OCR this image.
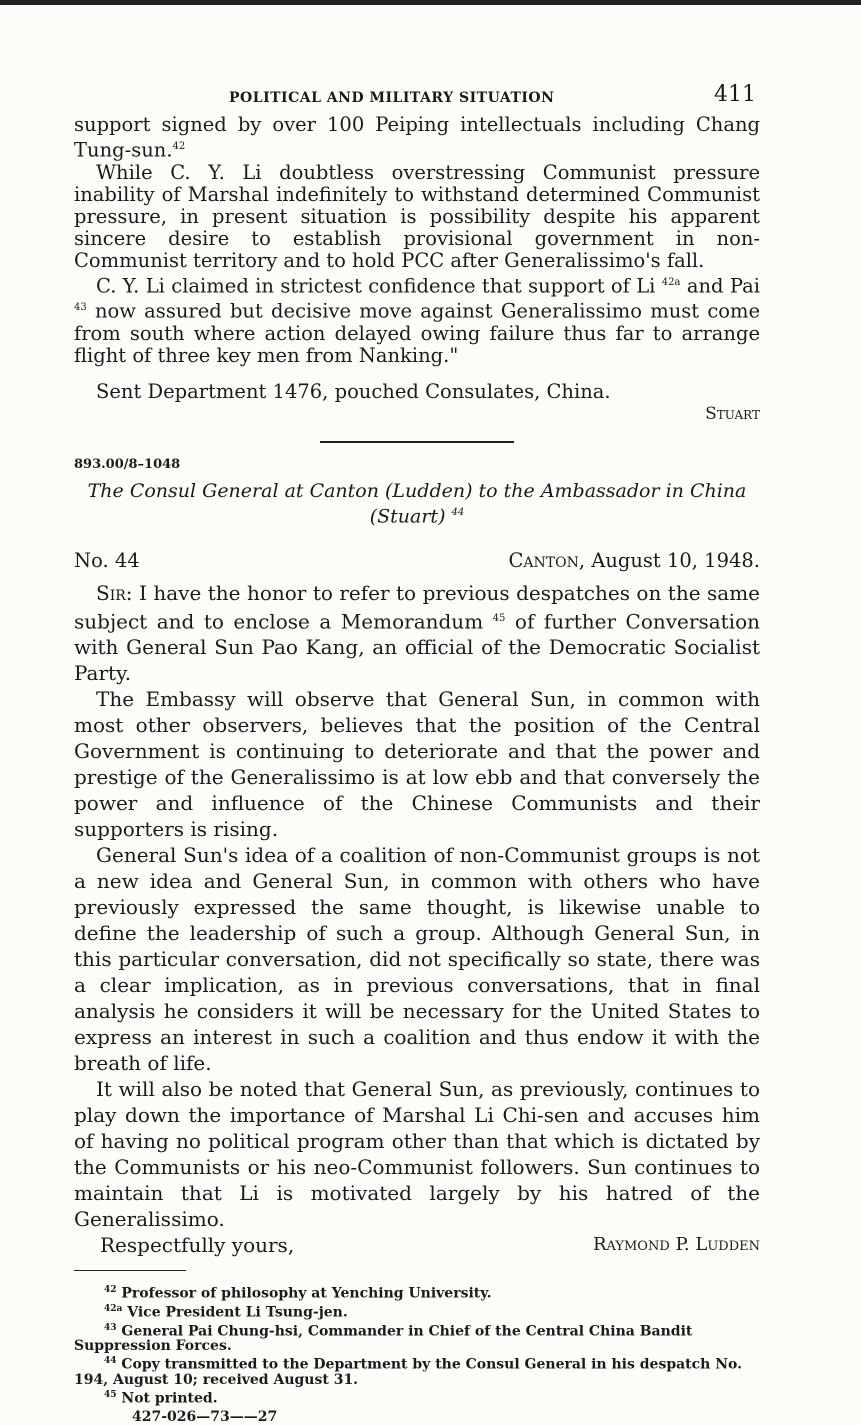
POLITICAL AND MILITARY SITUATION	411

support signed by over 100 Peiping intellectuals including Chang Tung-sun.$^{42}$

While C. Y. Li doubtless overstressing Communist pressure inability of Marshal indefinitely to withstand determined Communist pressure, in present situation is possibility despite his apparent sincere desire to establish provisional government in non-Communist territory and to hold PCC after Generalissimo's fall.

C. Y. Li claimed in strictest confidence that support of Li $^{42a}$ and Pai $^{43}$ now assured but decisive move against Generalissimo must come from south where action delayed owing failure thus far to arrange flight of three key men from Nanking."

Sent Department 1476, pouched Consulates, China.

Stuart

893.00/8–1048
The Consul General at Canton (Ludden) to the Ambassador in China (Stuart) $^{44}$
No. 44	Canton, August 10, 1948.

Sir: I have the honor to refer to previous despatches on the same subject and to enclose a Memorandum $^{45}$ of further Conversation with General Sun Pao Kang, an official of the Democratic Socialist Party.

The Embassy will observe that General Sun, in common with most other observers, believes that the position of the Central Government is continuing to deteriorate and that the power and prestige of the Generalissimo is at low ebb and that conversely the power and influence of the Chinese Communists and their supporters is rising.

General Sun's idea of a coalition of non-Communist groups is not a new idea and General Sun, in common with others who have previously expressed the same thought, is likewise unable to define the leadership of such a group. Although General Sun, in this particular conversation, did not specifically so state, there was a clear implication, as in previous conversations, that in final analysis he considers it will be necessary for the United States to express an interest in such a coalition and thus endow it with the breath of life.

It will also be noted that General Sun, as previously, continues to play down the importance of Marshal Li Chi-sen and accuses him of having no political program other than that which is dictated by the Communists or his neo-Communist followers. Sun continues to maintain that Li is motivated largely by his hatred of the Generalissimo.

Respectfully yours,	Raymond P. Ludden
$^{42}$ Professor of philosophy at Yenching University.
$^{42a}$ Vice President Li Tsung-jen.
$^{43}$ General Pai Chung-hsi, Commander in Chief of the Central China Bandit Suppression Forces.
$^{44}$ Copy transmitted to the Department by the Consul General in his despatch No. 194, August 10; received August 31.
$^{45}$ Not printed.
427-026—73——27
